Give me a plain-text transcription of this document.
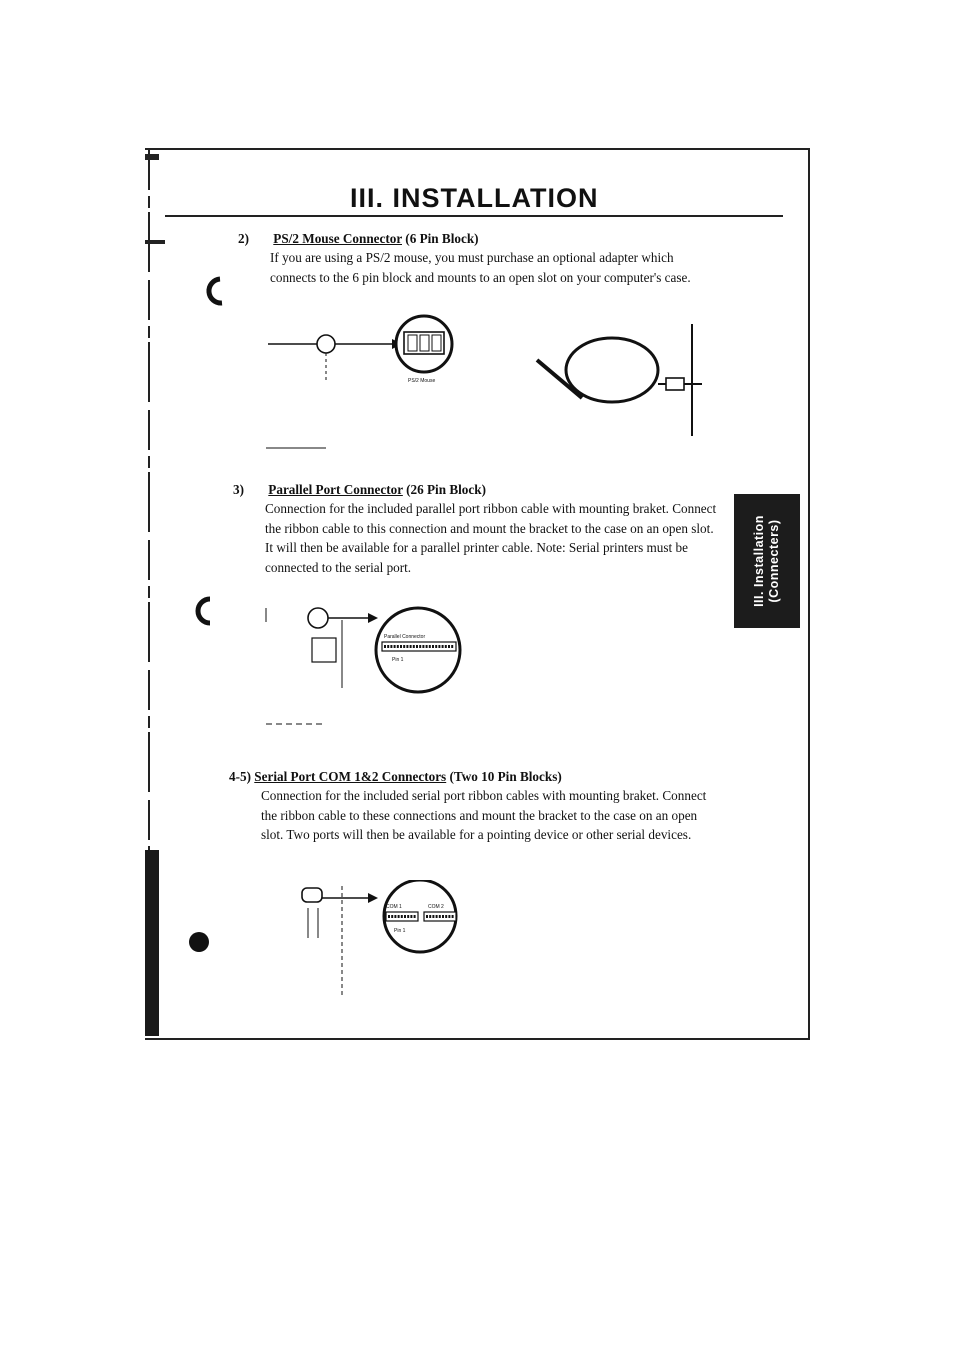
III. INSTALLATION
2) PS/2 Mouse Connector (6 Pin Block)
If you are using a PS/2 mouse, you must purchase an optional adapter which connects to the 6 pin block and mounts to an open slot on your computer's case.
PS/2 Mouse
3) Parallel Port Connector (26 Pin Block)
Connection for the included parallel port ribbon cable with mounting braket. Connect the ribbon cable to this connection and mount the bracket to the case on an open slot. It will then be available for a parallel printer cable. Note: Serial printers must be connected to the serial port.
Parallel Connector
Pin 1
III. Installation (Connecters)
4-5) Serial Port COM 1&2 Connectors (Two 10 Pin Blocks)
Connection for the included serial port ribbon cables with mounting braket. Connect the ribbon cable to these connections and mount the bracket to the case on an open slot. Two ports will then be available for a pointing device or other serial devices.
COM 1	COM 2
Pin 1
